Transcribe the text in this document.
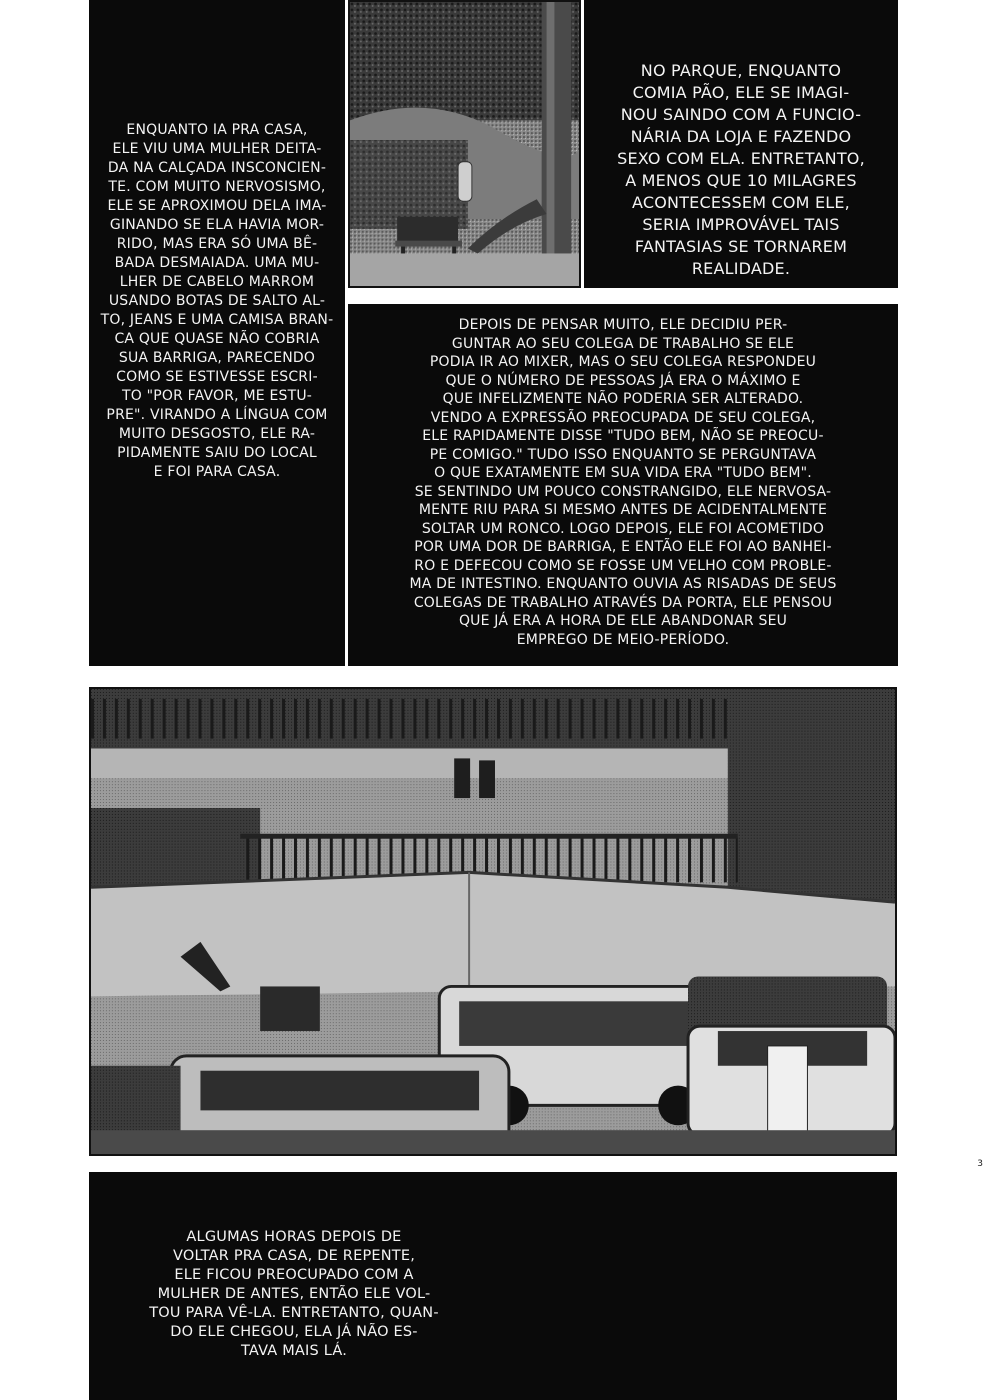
ENQUANTO IA PRA CASA,
ELE VIU UMA MULHER DEITA-
DA NA CALÇADA INSCONCIEN-
TE. COM MUITO NERVOSISMO,
ELE SE APROXIMOU DELA IMA-
GINANDO SE ELA HAVIA MOR-
RIDO, MAS ERA SÓ UMA BÊ-
BADA DESMAIADA. UMA MU-
LHER DE CABELO MARROM
USANDO BOTAS DE SALTO AL-
TO, JEANS E UMA CAMISA BRAN-
CA QUE QUASE NÃO COBRIA
SUA BARRIGA, PARECENDO
COMO SE ESTIVESSE ESCRI-
TO "POR FAVOR, ME ESTU-
PRE". VIRANDO A LÍNGUA COM
MUITO DESGOSTO, ELE RA-
PIDAMENTE SAIU DO LOCAL
E FOI PARA CASA.
NO PARQUE, ENQUANTO
COMIA PÃO, ELE SE IMAGI-
NOU SAINDO COM A FUNCIO-
NÁRIA DA LOJA E FAZENDO
SEXO COM ELA. ENTRETANTO,
A MENOS QUE 10 MILAGRES
ACONTECESSEM COM ELE,
SERIA IMPROVÁVEL TAIS
FANTASIAS SE TORNAREM
REALIDADE.
DEPOIS DE PENSAR MUITO, ELE DECIDIU PER-
GUNTAR AO SEU COLEGA DE TRABALHO SE ELE
PODIA IR AO MIXER, MAS O SEU COLEGA RESPONDEU
QUE O NÚMERO DE PESSOAS JÁ ERA O MÁXIMO E
QUE INFELIZMENTE NÃO PODERIA SER ALTERADO.
VENDO A EXPRESSÃO PREOCUPADA DE SEU COLEGA,
ELE RAPIDAMENTE DISSE "TUDO BEM, NÃO SE PREOCU-
PE COMIGO." TUDO ISSO ENQUANTO SE PERGUNTAVA
O QUE EXATAMENTE EM SUA VIDA ERA "TUDO BEM".
SE SENTINDO UM POUCO CONSTRANGIDO, ELE NERVOSA-
MENTE RIU PARA SI MESMO ANTES DE ACIDENTALMENTE
SOLTAR UM RONCO. LOGO DEPOIS, ELE FOI ACOMETIDO
POR UMA DOR DE BARRIGA, E ENTÃO ELE FOI AO BANHEI-
RO E DEFECOU COMO SE FOSSE UM VELHO COM PROBLE-
MA DE INTESTINO. ENQUANTO OUVIA AS RISADAS DE SEUS
COLEGAS DE TRABALHO ATRAVÉS DA PORTA, ELE PENSOU
QUE JÁ ERA A HORA DE ELE ABANDONAR SEU
EMPREGO DE MEIO-PERÍODO.
3
ALGUMAS HORAS DEPOIS DE
VOLTAR PRA CASA, DE REPENTE,
ELE FICOU PREOCUPADO COM A
MULHER DE ANTES, ENTÃO ELE VOL-
TOU PARA VÊ-LA. ENTRETANTO, QUAN-
DO ELE CHEGOU, ELA JÁ NÃO ES-
TAVA MAIS LÁ.
